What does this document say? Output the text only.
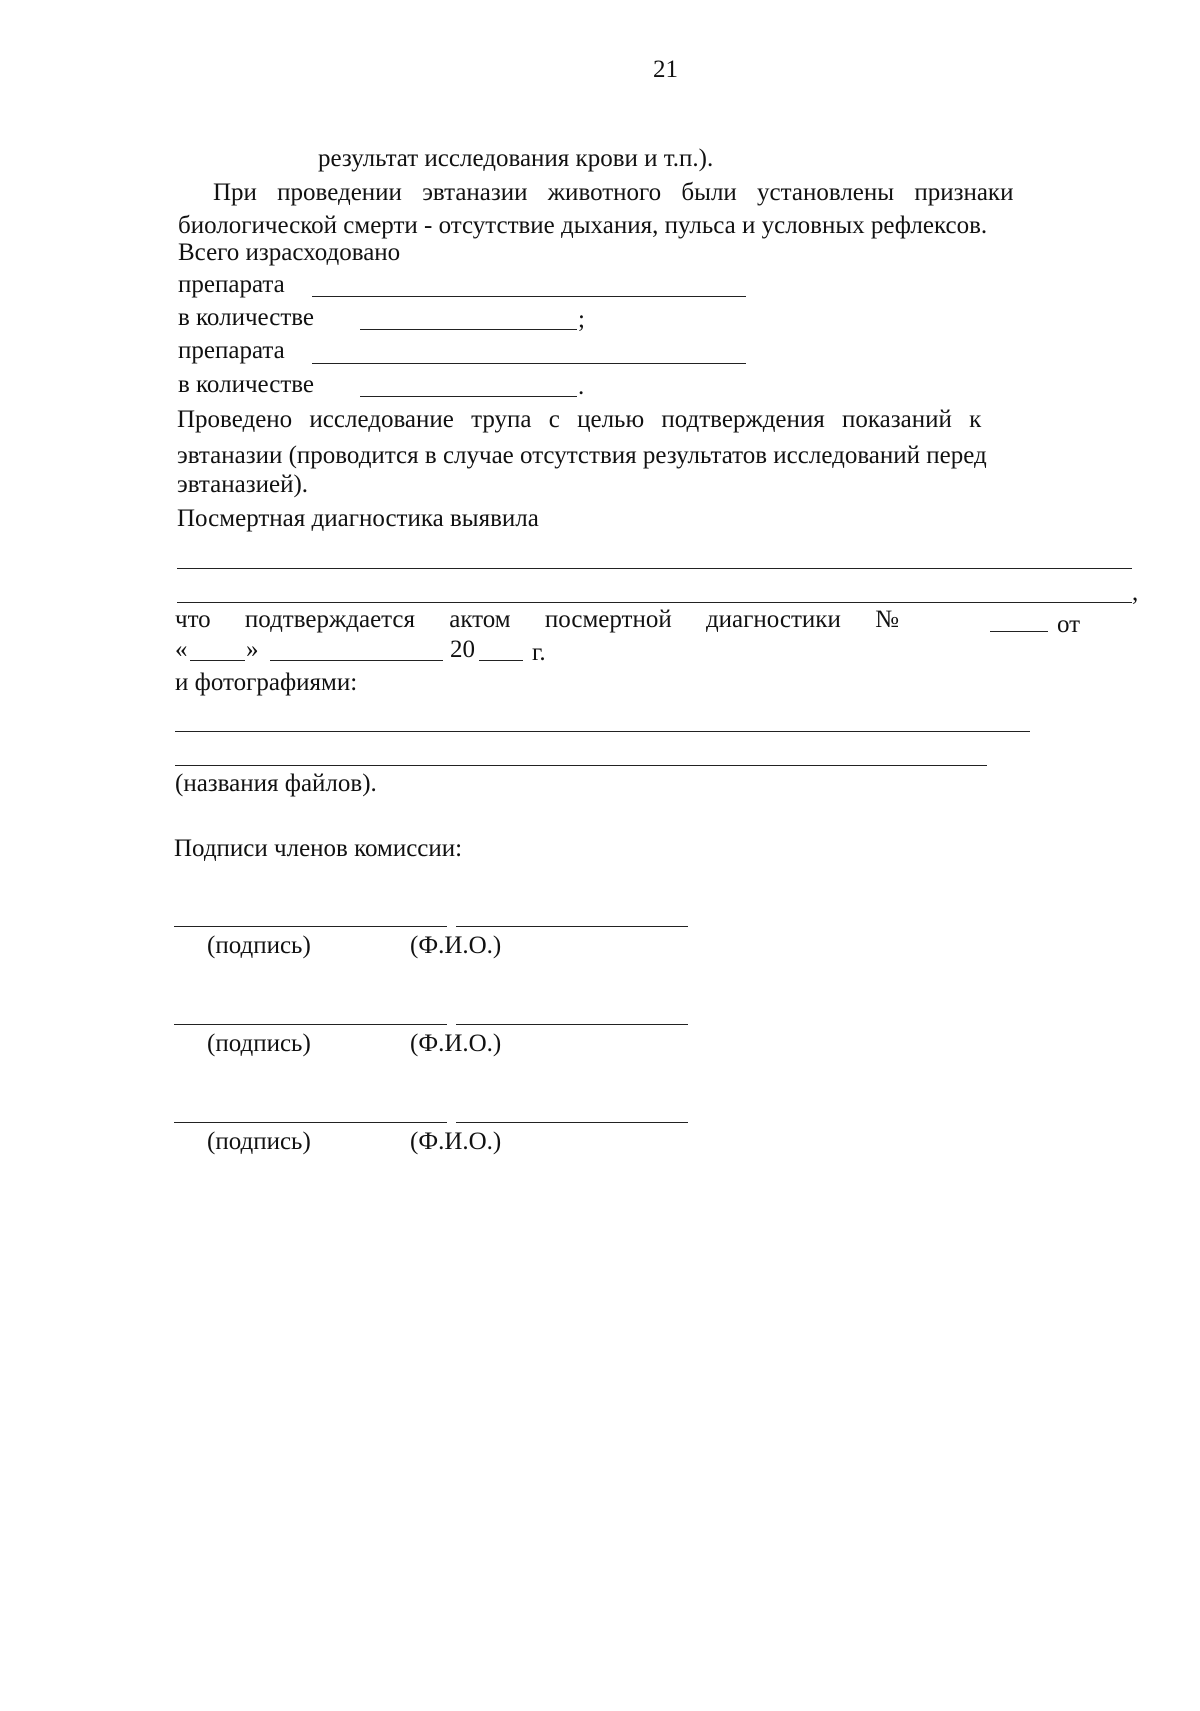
21
результат исследования крови и т.п.).
При проведении эвтаназии животного были установлены признаки
биологической смерти - отсутствие дыхания, пульса и условных рефлексов.
Всего израсходовано
препарата
в количестве	;
препарата
в количестве	.
Проведено исследование трупа с целью подтверждения показаний к
эвтаназии (проводится в случае отсутствия результатов исследований перед
эвтаназией).
Посмертная диагностика выявила
,
что подтверждается актом посмертной диагностики №	от
« »	20 г.
и фотографиями:
(названия файлов).
Подписи членов комиссии:
(подпись)	(Ф.И.О.)
(подпись)	(Ф.И.О.)
(подпись)	(Ф.И.О.)
